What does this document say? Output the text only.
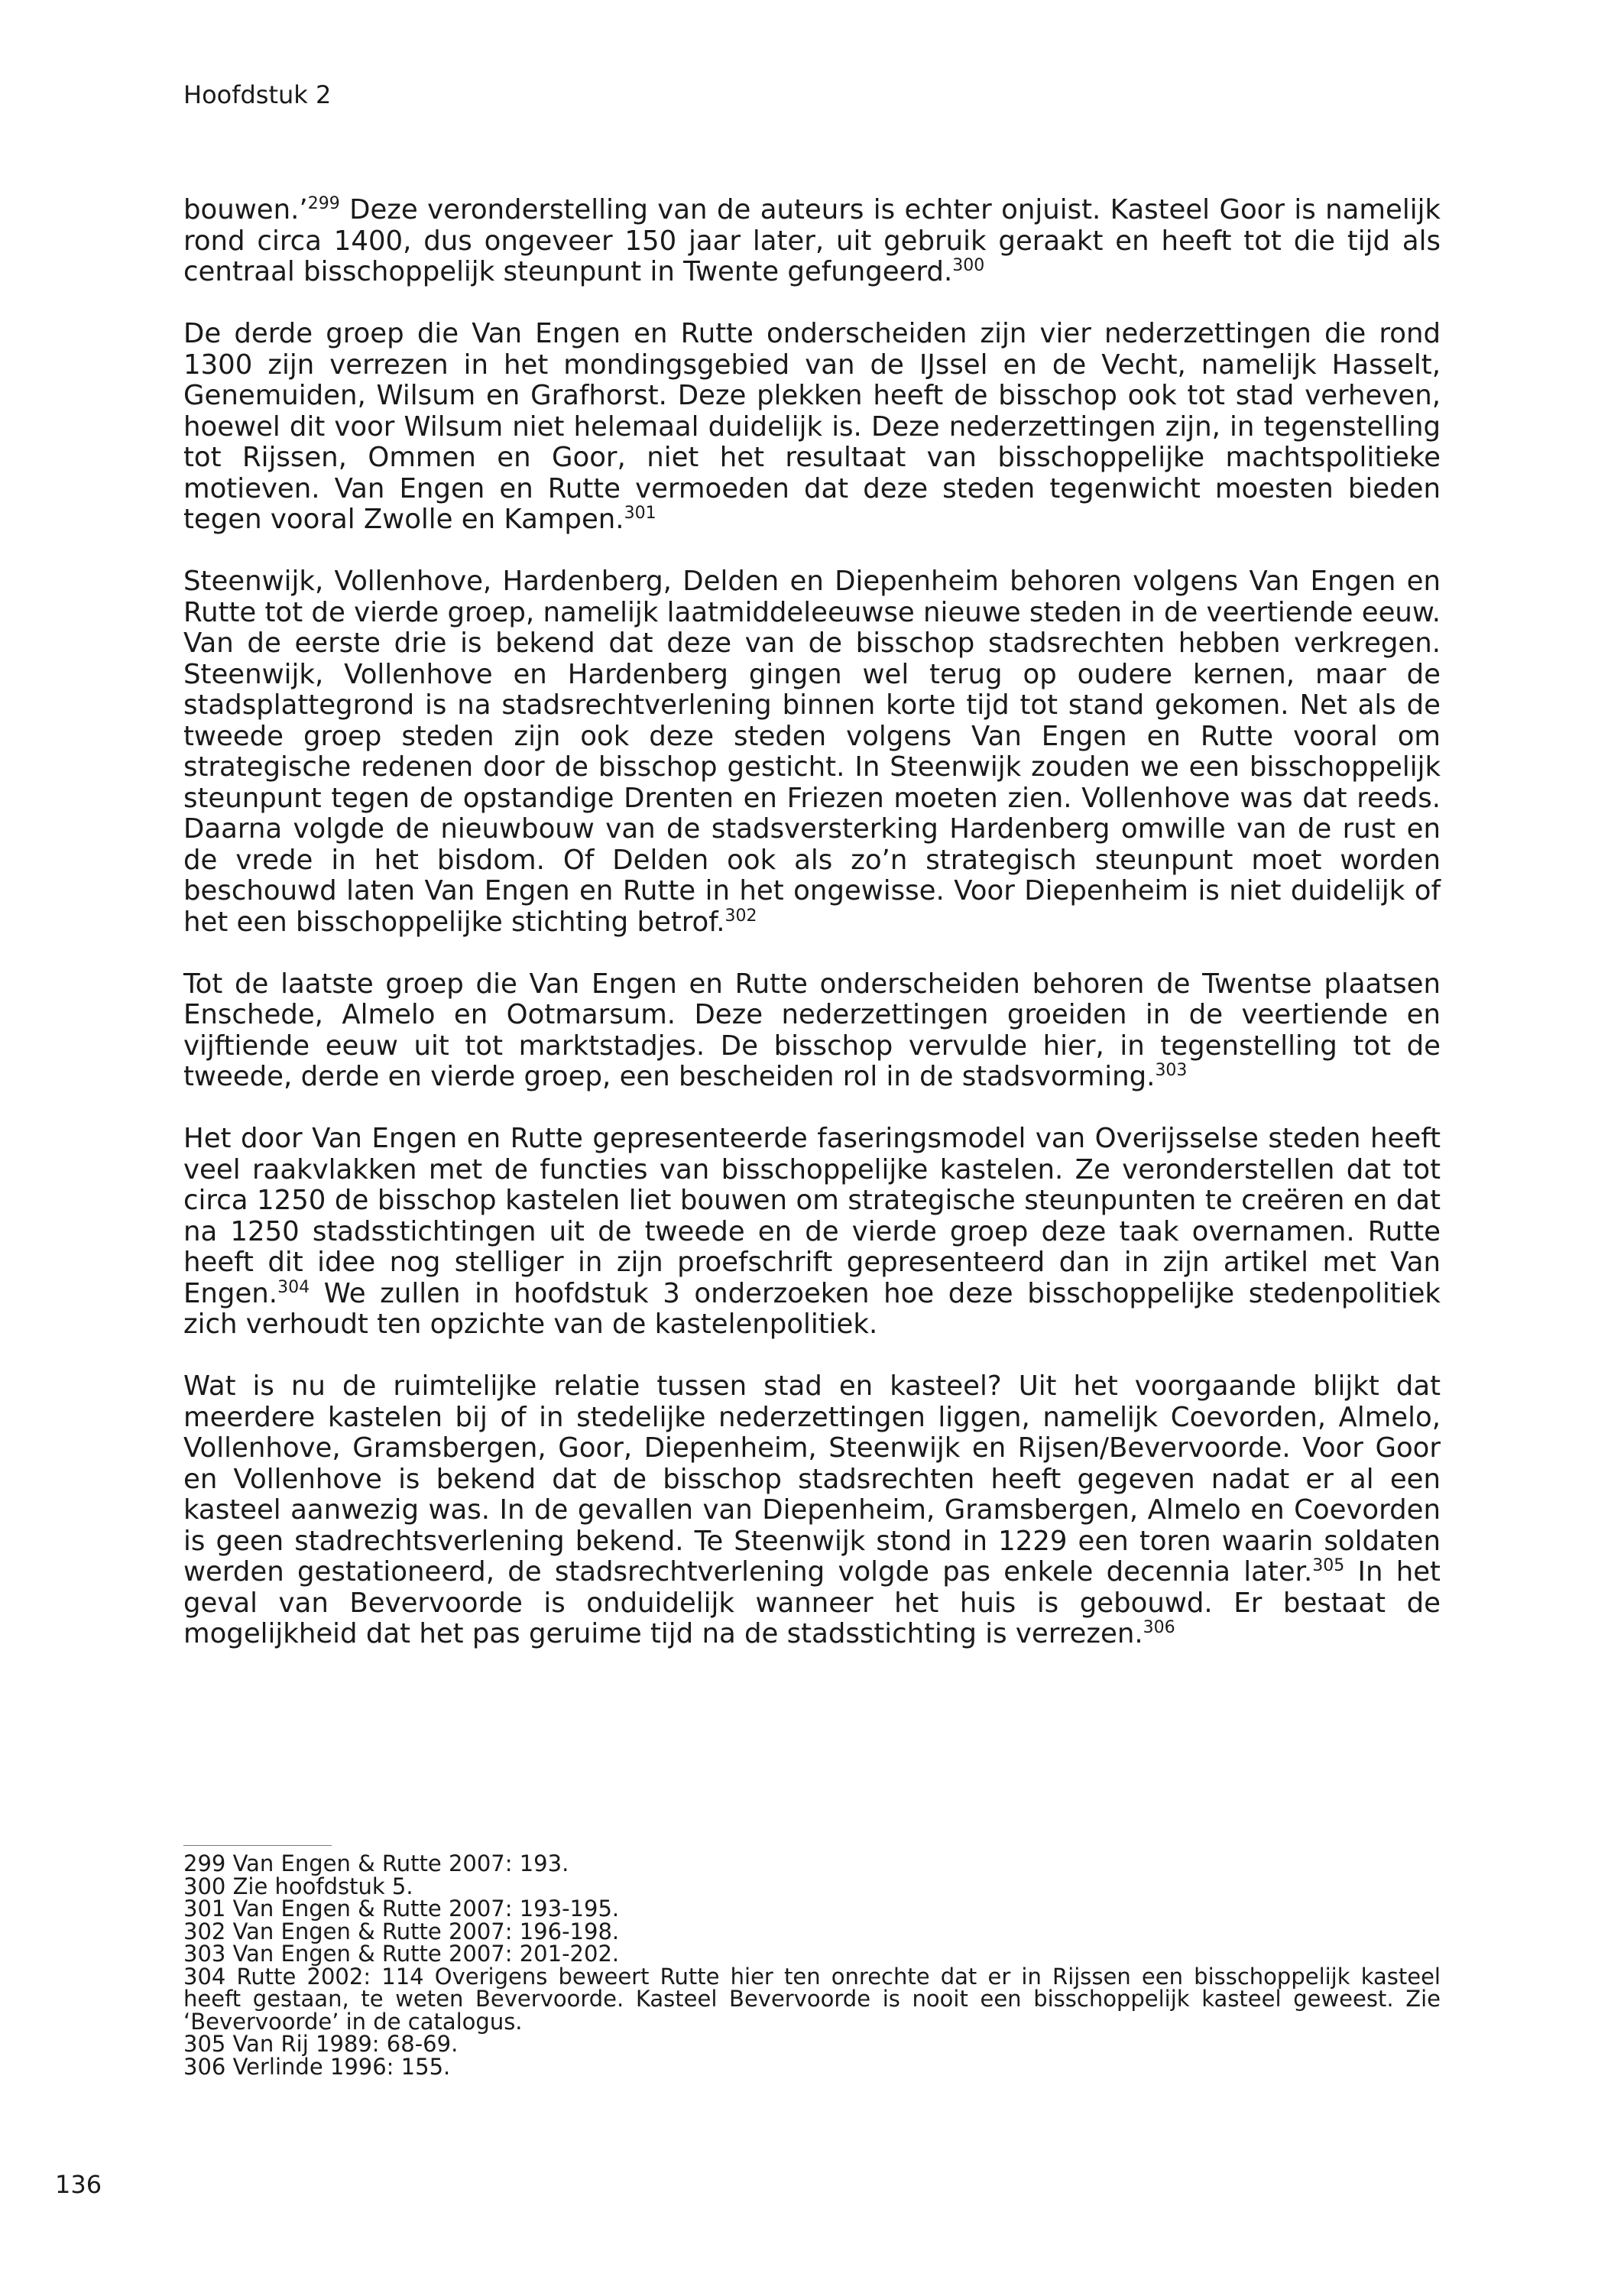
Hoofdstuk 2

bouwen.’$^{299}$ Deze veronderstelling van de auteurs is echter onjuist. Kasteel Goor is namelijk rond circa 1400, dus ongeveer 150 jaar later, uit gebruik geraakt en heeft tot die tijd als centraal bisschoppelijk steunpunt in Twente gefungeerd.$^{300}$

De derde groep die Van Engen en Rutte onderscheiden zijn vier nederzettingen die rond 1300 zijn verrezen in het mondingsgebied van de IJssel en de Vecht, namelijk Hasselt, Genemuiden, Wilsum en Grafhorst. Deze plekken heeft de bisschop ook tot stad verheven, hoewel dit voor Wilsum niet helemaal duidelijk is. Deze nederzettingen zijn, in tegenstelling tot Rijssen, Ommen en Goor, niet het resultaat van bisschoppelijke machtspolitieke motieven. Van Engen en Rutte vermoeden dat deze steden tegenwicht moesten bieden tegen vooral Zwolle en Kampen.$^{301}$

Steenwijk, Vollenhove, Hardenberg, Delden en Diepenheim behoren volgens Van Engen en Rutte tot de vierde groep, namelijk laatmiddeleeuwse nieuwe steden in de veertiende eeuw. Van de eerste drie is bekend dat deze van de bisschop stadsrechten hebben verkregen. Steenwijk, Vollenhove en Hardenberg gingen wel terug op oudere kernen, maar de stadsplattegrond is na stadsrechtverlening binnen korte tijd tot stand gekomen. Net als de tweede groep steden zijn ook deze steden volgens Van Engen en Rutte vooral om strategische redenen door de bisschop gesticht. In Steenwijk zouden we een bisschoppelijk steunpunt tegen de opstandige Drenten en Friezen moeten zien. Vollenhove was dat reeds. Daarna volgde de nieuwbouw van de stadsversterking Hardenberg omwille van de rust en de vrede in het bisdom. Of Delden ook als zo’n strategisch steunpunt moet worden beschouwd laten Van Engen en Rutte in het ongewisse. Voor Diepenheim is niet duidelijk of het een bisschoppelijke stichting betrof.$^{302}$

Tot de laatste groep die Van Engen en Rutte onderscheiden behoren de Twentse plaatsen Enschede, Almelo en Ootmarsum. Deze nederzettingen groeiden in de veertiende en vijftiende eeuw uit tot marktstadjes. De bisschop vervulde hier, in tegenstelling tot de tweede, derde en vierde groep, een bescheiden rol in de stadsvorming.$^{303}$

Het door Van Engen en Rutte gepresenteerde faseringsmodel van Overijsselse steden heeft veel raakvlakken met de functies van bisschoppelijke kastelen. Ze veronderstellen dat tot circa 1250 de bisschop kastelen liet bouwen om strategische steunpunten te creëren en dat na 1250 stadsstichtingen uit de tweede en de vierde groep deze taak overnamen. Rutte heeft dit idee nog stelliger in zijn proefschrift gepresenteerd dan in zijn artikel met Van Engen.$^{304}$ We zullen in hoofdstuk 3 onderzoeken hoe deze bisschoppelijke stedenpolitiek zich verhoudt ten opzichte van de kastelenpolitiek.

Wat is nu de ruimtelijke relatie tussen stad en kasteel? Uit het voorgaande blijkt dat meerdere kastelen bij of in stedelijke nederzettingen liggen, namelijk Coevorden, Almelo, Vollenhove, Gramsbergen, Goor, Diepenheim, Steenwijk en Rijsen/Bevervoorde. Voor Goor en Vollenhove is bekend dat de bisschop stadsrechten heeft gegeven nadat er al een kasteel aanwezig was. In de gevallen van Diepenheim, Gramsbergen, Almelo en Coevorden is geen stadrechtsverlening bekend. Te Steenwijk stond in 1229 een toren waarin soldaten werden gestationeerd, de stadsrechtverlening volgde pas enkele decennia later.$^{305}$ In het geval van Bevervoorde is onduidelijk wanneer het huis is gebouwd. Er bestaat de mogelijkheid dat het pas geruime tijd na de stadsstichting is verrezen.$^{306}$

299 Van Engen & Rutte 2007: 193.
300 Zie hoofdstuk 5.
301 Van Engen & Rutte 2007: 193-195.
302 Van Engen & Rutte 2007: 196-198.
303 Van Engen & Rutte 2007: 201-202.
304 Rutte 2002: 114 Overigens beweert Rutte hier ten onrechte dat er in Rijssen een bisschoppelijk kasteel heeft gestaan, te weten Bevervoorde. Kasteel Bevervoorde is nooit een bisschoppelijk kasteel geweest. Zie ‘Bevervoorde’ in de catalogus.
305 Van Rij 1989: 68-69.
306 Verlinde 1996: 155.
136
